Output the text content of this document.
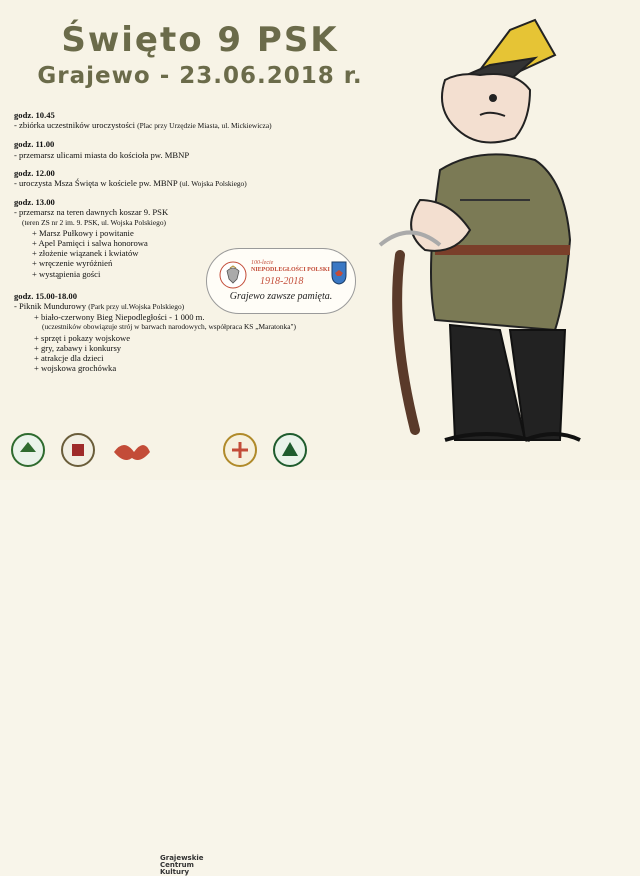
Święto 9 PSK
Grajewo - 23.06.2018 r.
godz. 10.45
- zbiórka uczestników uroczystości (Plac przy Urzędzie Miasta, ul. Mickiewicza)
godz. 11.00
- przemarsz ulicami miasta do kościoła pw. MBNP
godz. 12.00
- uroczysta Msza Święta w kościele pw. MBNP (ul. Wojska Polskiego)
godz. 13.00
- przemarsz na teren dawnych koszar 9. PSK
(teren ZS nr 2 im. 9. PSK, ul. Wojska Polskiego)
+ Marsz Pułkowy i powitanie
+ Apel Pamięci i salwa honorowa
+ złożenie wiązanek i kwiatów
+ wręczenie wyróżnień
+ wystąpienia gości
godz. 15.00-18.00
- Piknik Mundurowy (Park przy ul.Wojska Polskiego)
+ biało-czerwony Bieg Niepodległości - 1 000 m.
(uczestników obowiązuje strój w barwach narodowych, współpraca KS „Maratonka")
+ sprzęt i pokazy wojskowe
+ gry, zabawy i konkursy
+ atrakcje dla dzieci
+ wojskowa grochówka
100-lecie
NIEPODLEGŁOŚCI POLSKI
1918-2018
Grajewo zawsze pamięta.
Grajewskie
Centrum
Kultury
